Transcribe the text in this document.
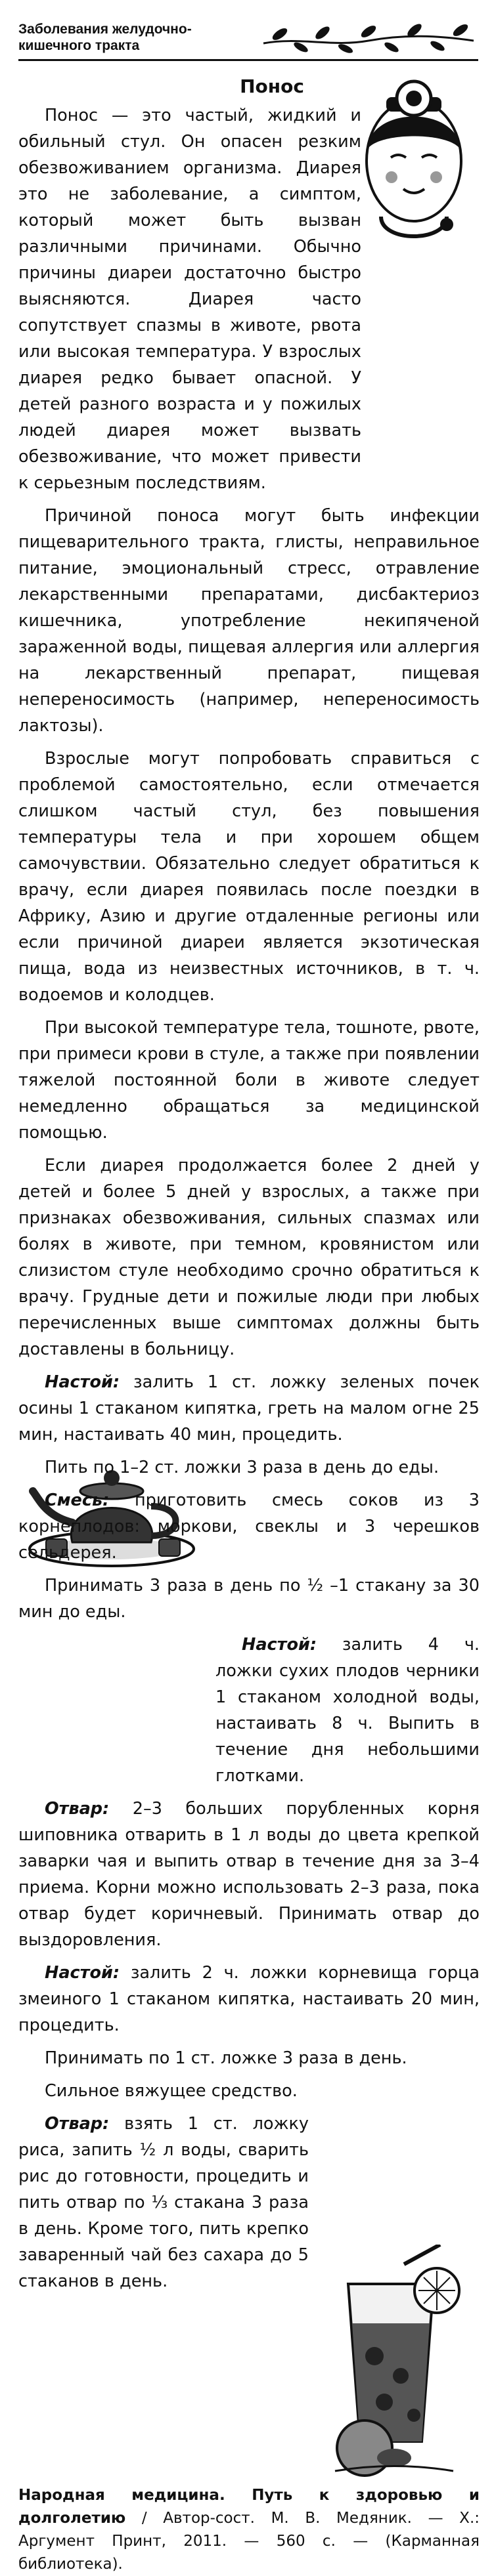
Заболевания желудочно-кишечного тракта
Понос

Понос — это частый, жидкий и обильный стул. Он опасен резким обезвоживанием организма. Диарея это не заболевание, а симптом, который может быть вызван различными причинами. Обычно причины диареи достаточно быстро выясняются. Диарея часто сопутствует спазмы в животе, рвота или высокая температура. У взрослых диарея редко бывает опасной. У детей разного возраста и у пожилых людей диарея может вызвать обезвоживание, что может привести к серьезным последствиям.

Причиной поноса могут быть инфекции пищеварительного тракта, глисты, неправильное питание, эмоциональный стресс, отравление лекарственными препаратами, дисбактериоз кишечника, употребление некипяченой зараженной воды, пищевая аллергия или аллергия на лекарственный препарат, пищевая непереносимость (например, непереносимость лактозы).

Взрослые могут попробовать справиться с проблемой самостоятельно, если отмечается слишком частый стул, без повышения температуры тела и при хорошем общем самочувствии. Обязательно следует обратиться к врачу, если диарея появилась после поездки в Африку, Азию и другие отдаленные регионы или если причиной диареи является экзотическая пища, вода из неизвестных источников, в т. ч. водоемов и колодцев.

При высокой температуре тела, тошноте, рвоте, при примеси крови в стуле, а также при появлении тяжелой постоянной боли в животе следует немедленно обращаться за медицинской помощью.

Если диарея продолжается более 2 дней у детей и более 5 дней у взрослых, а также при признаках обезвоживания, сильных спазмах или болях в животе, при темном, кровянистом или слизистом стуле необходимо срочно обратиться к врачу. Грудные дети и пожилые люди при любых перечисленных выше симптомах должны быть доставлены в больницу.

Настой: залить 1 ст. ложку зеленых почек осины 1 стаканом кипятка, греть на малом огне 25 мин, настаивать 40 мин, процедить.

Пить по 1–2 ст. ложки 3 раза в день до еды.

Смесь: приготовить смесь соков из 3 корнеплодов: моркови, свеклы и 3 черешков сельдерея.

Принимать 3 раза в день по ½ –1 стакану за 30 мин до еды.

Настой: залить 4 ч. ложки сухих плодов черники 1 стаканом холодной воды, настаивать 8 ч. Выпить в течение дня небольшими глотками.

Отвар: 2–3 больших порубленных корня шиповника отварить в 1 л воды до цвета крепкой заварки чая и выпить отвар в течение дня за 3–4 приема. Корни можно использовать 2–3 раза, пока отвар будет коричневый. Принимать отвар до выздоровления.

Настой: залить 2 ч. ложки корневища горца змеиного 1 стаканом кипятка, настаивать 20 мин, процедить.

Принимать по 1 ст. ложке 3 раза в день.

Сильное вяжущее средство.

Отвар: взять 1 ст. ложку риса, запить ½ л воды, сварить рис до готовности, процедить и пить отвар по ⅓ стакана 3 раза в день. Кроме того, пить крепко заваренный чай без сахара до 5 стаканов в день.

Народная медицина. Путь к здоровью и долголетию / Автор-сост. М. В. Медяник. — Х.: Аргумент Принт, 2011. — 560 с. — (Карманная библиотека).
